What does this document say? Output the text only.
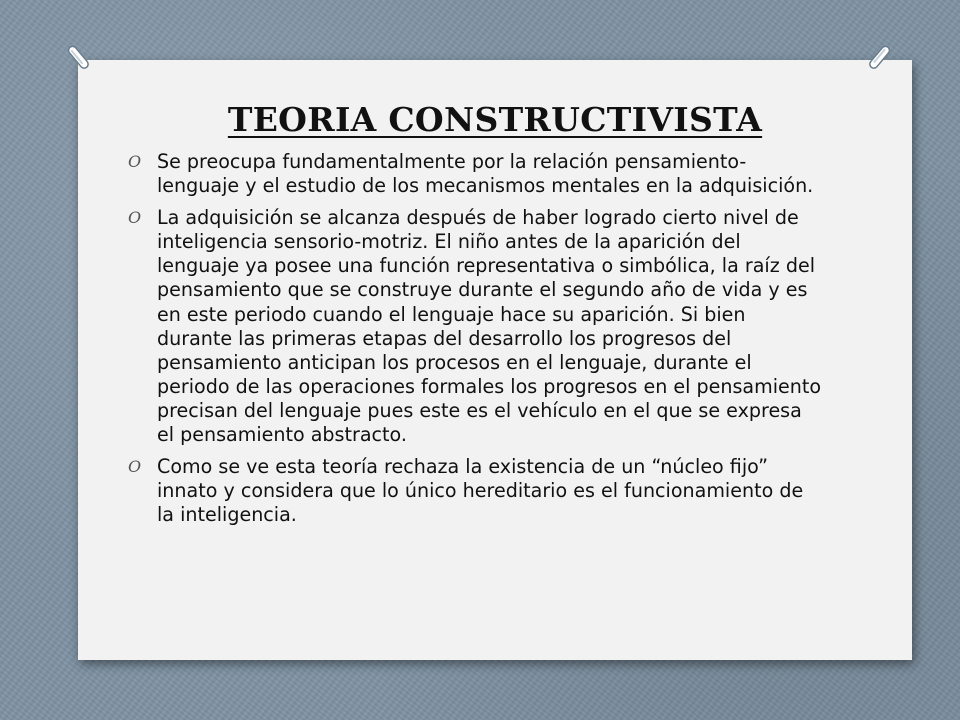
TEORIA CONSTRUCTIVISTA
O Se preocupa fundamentalmente por la relación pensamiento-lenguaje y el estudio de los mecanismos mentales en la adquisición.
O La adquisición se alcanza después de haber logrado cierto nivel de inteligencia sensorio-motriz. El niño antes de la aparición del lenguaje ya posee una función representativa o simbólica, la raíz del pensamiento que se construye durante el segundo año de vida y es en este periodo cuando el lenguaje hace su aparición. Si bien durante las primeras etapas del desarrollo los progresos del pensamiento anticipan los procesos en el lenguaje, durante el periodo de las operaciones formales los progresos en el pensamiento precisan del lenguaje pues este es el vehículo en el que se expresa el pensamiento abstracto.
O Como se ve esta teoría rechaza la existencia de un “núcleo fijo” innato y considera que lo único hereditario es el funcionamiento de la inteligencia.
